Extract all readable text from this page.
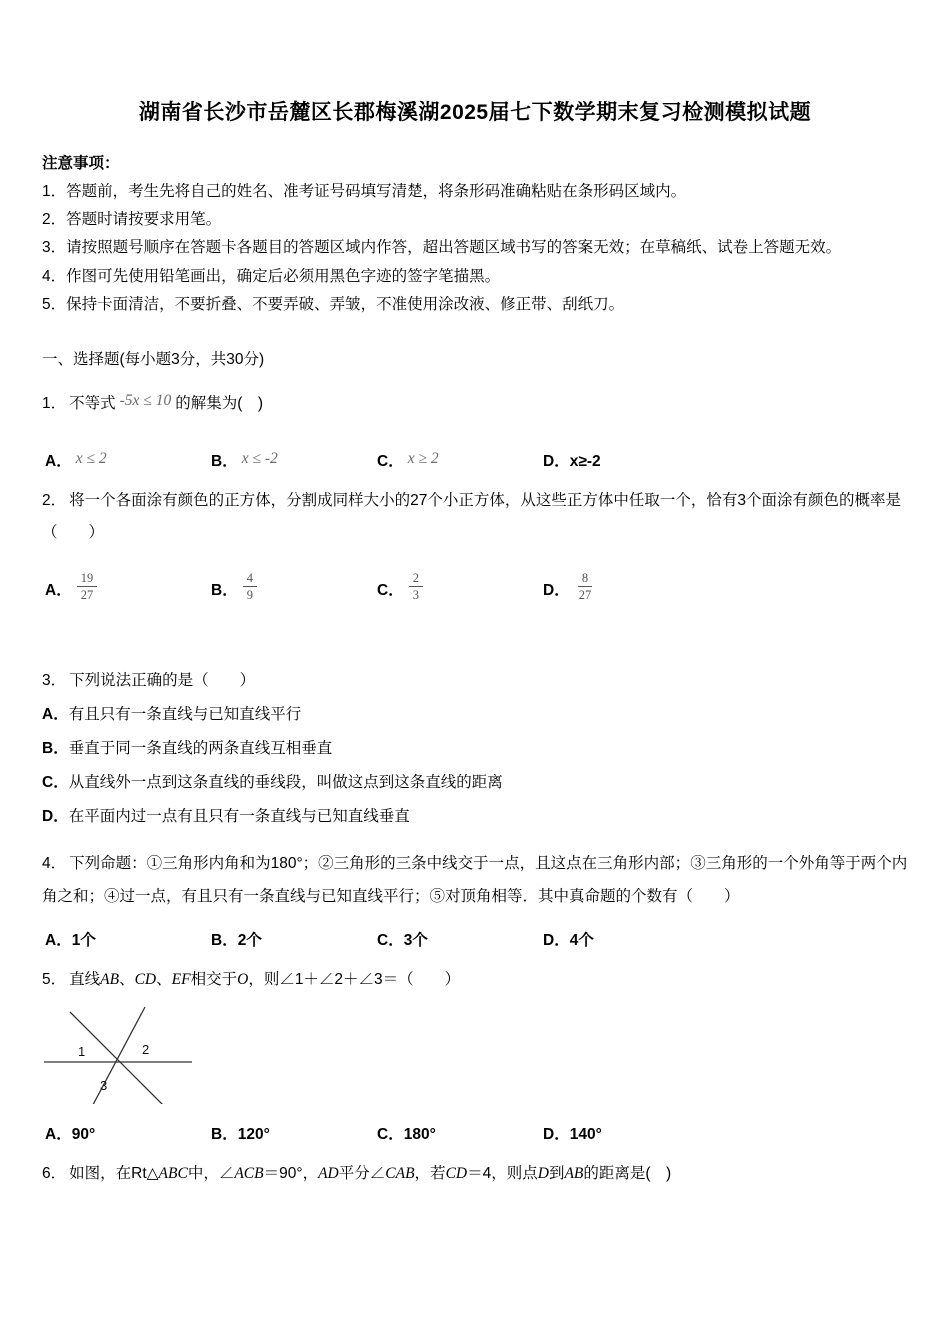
湖南省长沙市岳麓区长郡梅溪湖2025届七下数学期末复习检测模拟试题
注意事项：
1．答题前，考生先将自己的姓名、准考证号码填写清楚，将条形码准确粘贴在条形码区域内。
2．答题时请按要求用笔。
3．请按照题号顺序在答题卡各题目的答题区域内作答，超出答题区域书写的答案无效；在草稿纸、试卷上答题无效。
4．作图可先使用铅笔画出，确定后必须用黑色字迹的签字笔描黑。
5．保持卡面清洁，不要折叠、不要弄破、弄皱，不准使用涂改液、修正带、刮纸刀。
一、选择题(每小题3分，共30分)
1． 不等式 -5x ≤ 10 的解集为(　)
A． x ≤ 2	B． x ≤ -2	C． x ≥ 2	D．x≥-2
2． 将一个各面涂有颜色的正方体，分割成同样大小的27个小正方体，从这些正方体中任取一个，恰有3个面涂有颜色的概率是（　　）
A． $\frac{19}{27}$	B． $\frac{4}{9}$	C． $\frac{2}{3}$	D． $\frac{8}{27}$
3． 下列说法正确的是（　　）
A．有且只有一条直线与已知直线平行
B．垂直于同一条直线的两条直线互相垂直
C．从直线外一点到这条直线的垂线段，叫做这点到这条直线的距离
D．在平面内过一点有且只有一条直线与已知直线垂直
4． 下列命题：①三角形内角和为180°；②三角形的三条中线交于一点，且这点在三角形内部；③三角形的一个外角等于两个内角之和；④过一点，有且只有一条直线与已知直线平行；⑤对顶角相等．其中真命题的个数有（　　）
A．1个	B．2个	C．3个	D．4个
5． 直线AB、CD、EF相交于O，则∠1＋∠2＋∠3＝（　　）
1	2
3
A．90°	B．120°	C．180°	D．140°
6． 如图，在Rt△ABC中，∠ACB＝90°，AD平分∠CAB，若CD＝4，则点D到AB的距离是(　)
